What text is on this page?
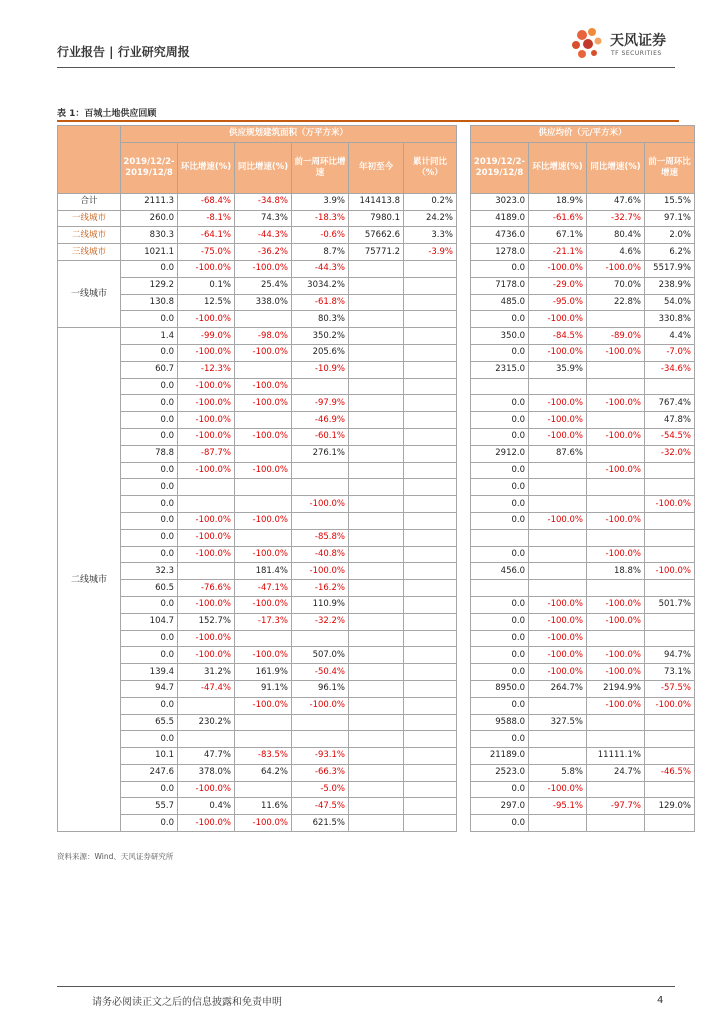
行业报告 | 行业研究周报
天风证券
TF SECURITIES
表 1：百城土地供应回顾
	供应规划建筑面积（万平方米）							供应均价（元/平方米）			
	2019/12/2-2019/12/8	环比增速(%)	同比增速(%)	前一周环比增速	年初至今	累计同比（%）		2019/12/2-2019/12/8	环比增速(%)	同比增速(%)	前一周环比增速
合计	2111.3	-68.4%	-34.8%	3.9%	141413.8	0.2%		3023.0	18.9%	47.6%	15.5%
一线城市	260.0	-8.1%	74.3%	-18.3%	7980.1	24.2%		4189.0	-61.6%	-32.7%	97.1%
二线城市	830.3	-64.1%	-44.3%	-0.6%	57662.6	3.3%		4736.0	67.1%	80.4%	2.0%
三线城市	1021.1	-75.0%	-36.2%	8.7%	75771.2	-3.9%		1278.0	-21.1%	4.6%	6.2%
一线城市	0.0	-100.0%	-100.0%	-44.3%				0.0	-100.0%	-100.0%	5517.9%
	129.2	0.1%	25.4%	3034.2%				7178.0	-29.0%	70.0%	238.9%
	130.8	12.5%	338.0%	-61.8%				485.0	-95.0%	22.8%	54.0%
	0.0	-100.0%		80.3%				0.0	-100.0%		330.8%
二线城市	1.4	-99.0%	-98.0%	350.2%				350.0	-84.5%	-89.0%	4.4%
	0.0	-100.0%	-100.0%	205.6%				0.0	-100.0%	-100.0%	-7.0%
	60.7	-12.3%		-10.9%				2315.0	35.9%		-34.6%
	0.0	-100.0%	-100.0%								
	0.0	-100.0%	-100.0%	-97.9%				0.0	-100.0%	-100.0%	767.4%
	0.0	-100.0%		-46.9%				0.0	-100.0%		47.8%
	0.0	-100.0%	-100.0%	-60.1%				0.0	-100.0%	-100.0%	-54.5%
	78.8	-87.7%		276.1%				2912.0	87.6%		-32.0%
	0.0	-100.0%	-100.0%					0.0		-100.0%	
	0.0							0.0			
	0.0			-100.0%				0.0			-100.0%
	0.0	-100.0%	-100.0%					0.0	-100.0%	-100.0%	
	0.0	-100.0%		-85.8%							
	0.0	-100.0%	-100.0%	-40.8%				0.0		-100.0%	
	32.3		181.4%	-100.0%				456.0		18.8%	-100.0%
	60.5	-76.6%	-47.1%	-16.2%							
	0.0	-100.0%	-100.0%	110.9%				0.0	-100.0%	-100.0%	501.7%
	104.7	152.7%	-17.3%	-32.2%				0.0	-100.0%	-100.0%	
	0.0	-100.0%						0.0	-100.0%		
	0.0	-100.0%	-100.0%	507.0%				0.0	-100.0%	-100.0%	94.7%
	139.4	31.2%	161.9%	-50.4%				0.0	-100.0%	-100.0%	73.1%
	94.7	-47.4%	91.1%	96.1%				8950.0	264.7%	2194.9%	-57.5%
	0.0		-100.0%	-100.0%				0.0		-100.0%	-100.0%
	65.5	230.2%						9588.0	327.5%		
	0.0							0.0			
	10.1	47.7%	-83.5%	-93.1%				21189.0		11111.1%	
	247.6	378.0%	64.2%	-66.3%				2523.0	5.8%	24.7%	-46.5%
	0.0	-100.0%		-5.0%				0.0	-100.0%		
	55.7	0.4%	11.6%	-47.5%				297.0	-95.1%	-97.7%	129.0%
	0.0	-100.0%	-100.0%	621.5%				0.0			
资料来源：Wind、天风证券研究所
请务必阅读正文之后的信息披露和免责申明	4
